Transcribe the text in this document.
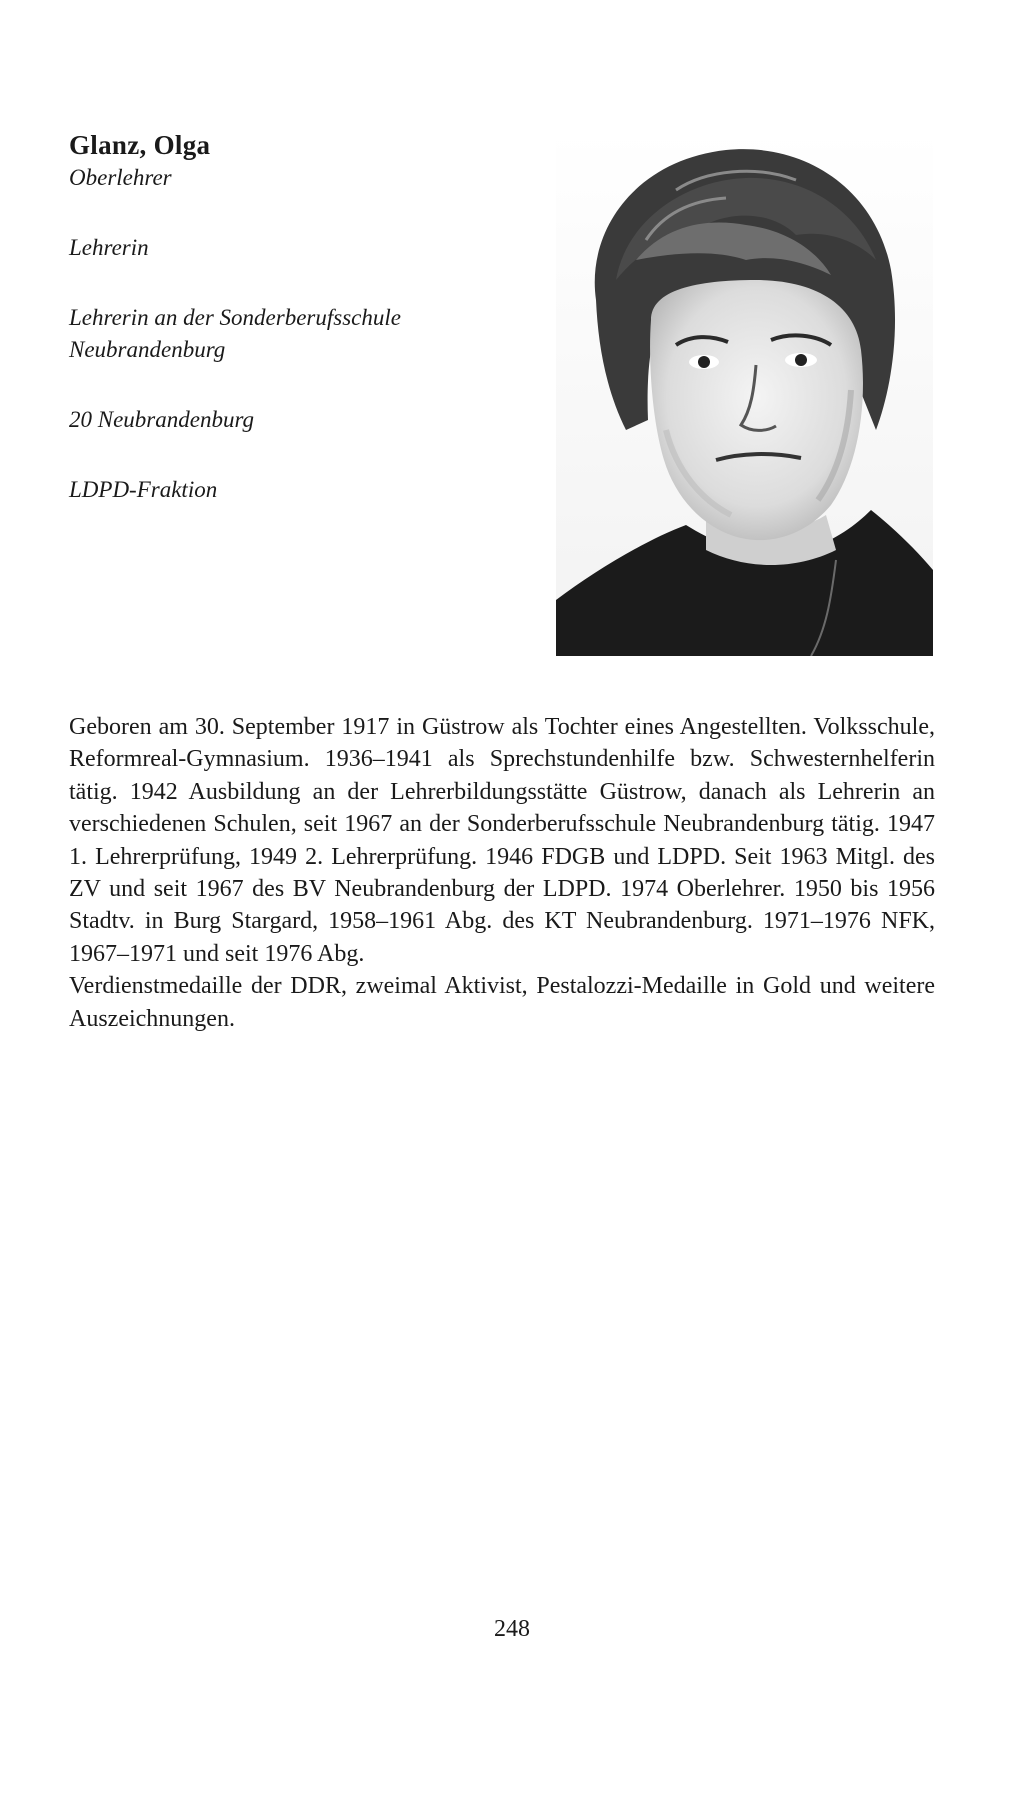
Glanz, Olga

Oberlehrer

Lehrerin

Lehrerin an der Sonderberufsschule

Neubrandenburg

20 Neubrandenburg

LDPD-Fraktion

Geboren am 30. September 1917 in Güstrow als Tochter eines Angestellten. Volksschule, Reformreal-Gymnasium. 1936–1941 als Sprechstundenhilfe bzw. Schwesternhelferin tätig. 1942 Ausbildung an der Lehrerbildungsstätte Güstrow, danach als Lehrerin an verschiedenen Schulen, seit 1967 an der Sonderberufsschule Neubrandenburg tätig. 1947 1. Lehrerprüfung, 1949 2. Lehrerprüfung. 1946 FDGB und LDPD. Seit 1963 Mitgl. des ZV und seit 1967 des BV Neubrandenburg der LDPD. 1974 Oberlehrer. 1950 bis 1956 Stadtv. in Burg Stargard, 1958–1961 Abg. des KT Neubrandenburg. 1971–1976 NFK, 1967–1971 und seit 1976 Abg.

Verdienstmedaille der DDR, zweimal Aktivist, Pestalozzi-Medaille in Gold und weitere Auszeichnungen.

248
